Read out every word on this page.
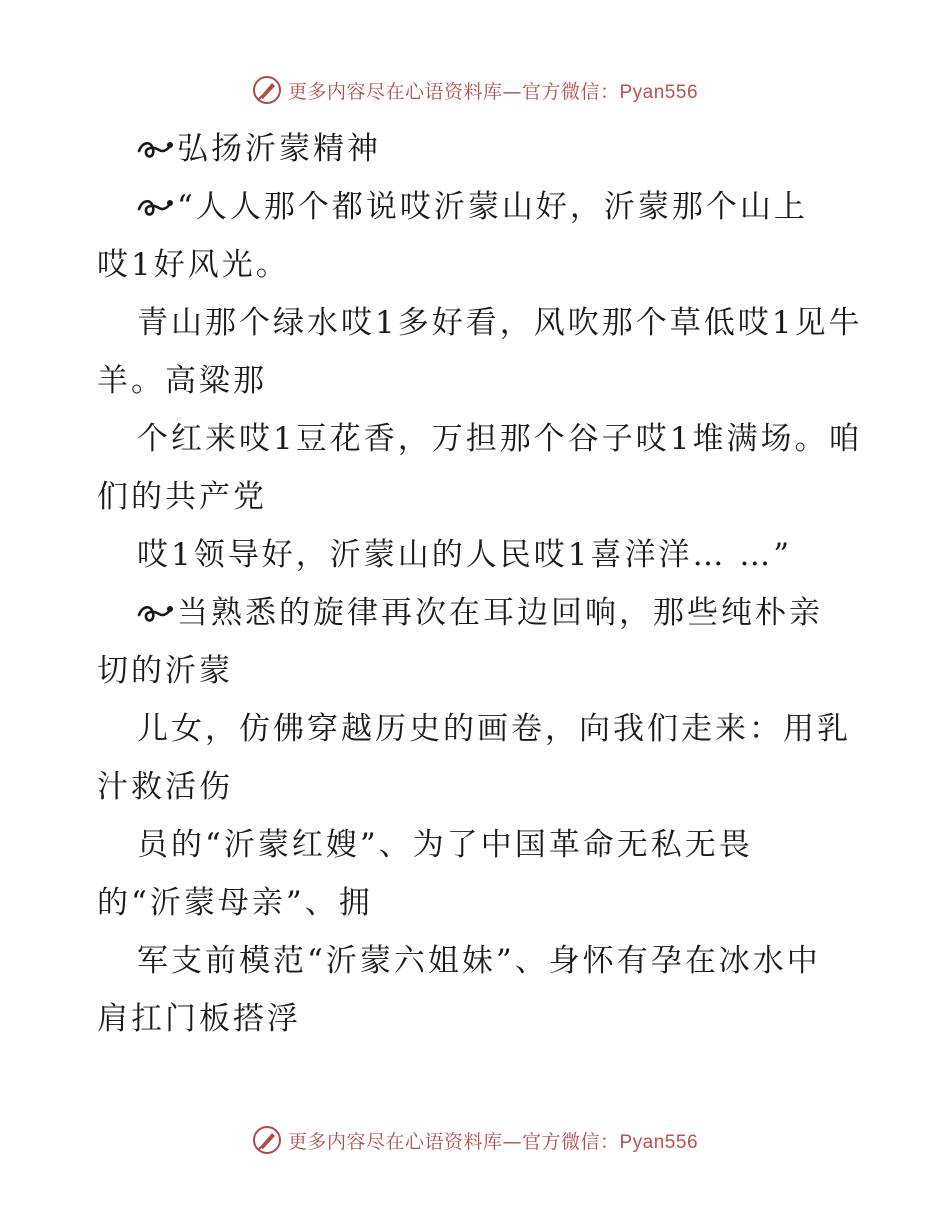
更多内容尽在心语资料库—官方微信：Pyan556
弘扬沂蒙精神
“人人那个都说哎沂蒙山好，沂蒙那个山上
哎1好风光。
青山那个绿水哎1多好看，风吹那个草低哎1见牛
羊。高粱那
个红来哎1豆花香，万担那个谷子哎1堆满场。咱
们的共产党
哎1领导好，沂蒙山的人民哎1喜洋洋… …”
当熟悉的旋律再次在耳边回响，那些纯朴亲
切的沂蒙
儿女，仿佛穿越历史的画卷，向我们走来：用乳
汁救活伤
员的“沂蒙红嫂”、为了中国革命无私无畏
的“沂蒙母亲”、拥
军支前模范“沂蒙六姐妹”、身怀有孕在冰水中
肩扛门板搭浮
更多内容尽在心语资料库—官方微信：Pyan556
